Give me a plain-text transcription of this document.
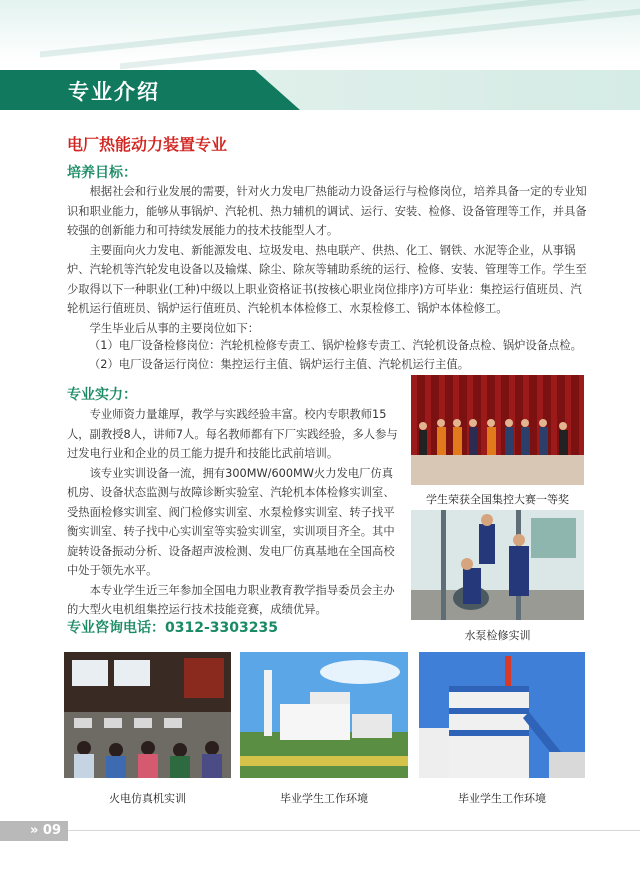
专业介绍
电厂热能动力装置专业
培养目标：

根据社会和行业发展的需要，针对火力发电厂热能动力设备运行与检修岗位，培养具备一定的专业知识和职业能力，能够从事锅炉、汽轮机、热力辅机的调试、运行、安装、检修、设备管理等工作，并具备较强的创新能力和可持续发展能力的技术技能型人才。

主要面向火力发电、新能源发电、垃圾发电、热电联产、供热、化工、钢铁、水泥等企业，从事锅炉、汽轮机等汽轮发电设备以及输煤、除尘、除灰等辅助系统的运行、检修、安装、管理等工作。学生至少取得以下一种职业(工种)中级以上职业资格证书(按核心职业岗位排序)方可毕业：集控运行值班员、汽轮机运行值班员、锅炉运行值班员、汽轮机本体检修工、水泵检修工、锅炉本体检修工。

学生毕业后从事的主要岗位如下：

（1）电厂设备检修岗位：汽轮机检修专责工、锅炉检修专责工、汽轮机设备点检、锅炉设备点检。
（2）电厂设备运行岗位：集控运行主值、锅炉运行主值、汽轮机运行主值。
专业实力：

专业师资力量雄厚，教学与实践经验丰富。校内专职教师15人，副教授8人，讲师7人。每名教师都有下厂实践经验，多人参与过发电行业和企业的员工能力提升和技能比武前培训。

该专业实训设备一流，拥有300MW/600MW火力发电厂仿真机房、设备状态监测与故障诊断实验室、汽轮机本体检修实训室、受热面检修实训室、阀门检修实训室、水泵检修实训室、转子找平衡实训室、转子找中心实训室等实验实训室，实训项目齐全。其中旋转设备振动分析、设备超声波检测、发电厂仿真基地在全国高校中处于领先水平。

本专业学生近三年参加全国电力职业教育教学指导委员会主办的大型火电机组集控运行技术技能竞赛，成绩优异。

专业咨询电话：0312-3303235
学生荣获全国集控大赛一等奖
水泵检修实训
火电仿真机实训	毕业学生工作环境	毕业学生工作环境
» 09
